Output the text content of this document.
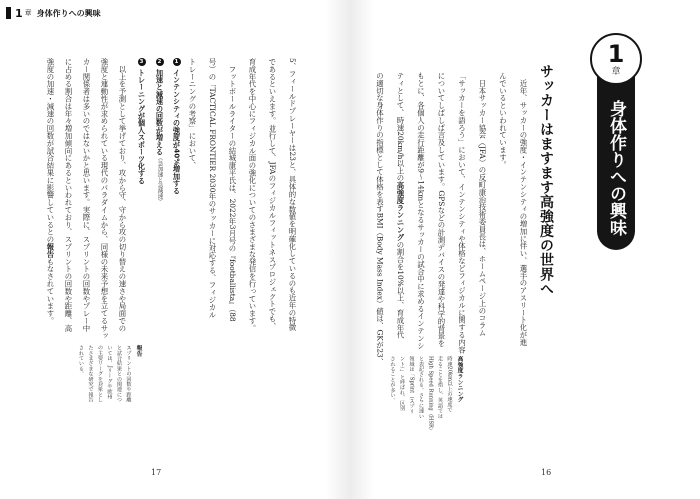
1 章 身体作りへの興味
5、フィールドプレーヤーは23と、具体的な数値を明確化しているのも近年の特徴
であるといえます。並行して、JFAのフィジカルフィットネスプロジェクトでも、
育成年代を中心にフィジカル面の強化についてのさまざまな発信を行っています。
　フットボールライターの結城康平氏は、2022年3月号の『footballista』（88
号）の「TACTICAL FRONTIER 2030年のサッカーに対応する、フィジカル
トレーニングの考察」において、
1インテンシティの強度が40%増加する
2加速と減速の回数が増える（急加速と急減速）
3トレーニングが個人スポーツ化する
　以上を予測として挙げており、攻から守、守から攻の切り替えの速さや局面での
強度と連動性が求められている現代のパラダイムから、同様の未来予想を立てるサッ
カー関係者は多いのではないかと思います。実際に、スプリントの回数やプレー中
に占める割合は年々増加傾向にあるといわれており、スプリントの回数や距離、高
強度の加速・減速の回数が試合結果に影響しているとの報告もなされています。
報告
スプリントの回数や距離
と試合結果との関連につ
いては、Jリーグや欧州
の主要リーグを対象とし
たさまざまな研究で報告
されている。
17
身体作りへの興味
1
章
サッカーはますます高強度の世界へ
　近年、サッカーの強度・インテンシティの増加に伴い、選手のアスリート化が進
んでいるといわれています。
　日本サッカー協会（JFA）の反町康治技術委員長は、ホームページ上のコラム
「サッカーを語ろう」において、インテンシティや体格などフィジカルに関する内容
についてしばしば言及しています。GPSなどの計測デバイスの発達や科学的背景を
もとに、各個人の走行距離が9〜14kmとなるサッカーの試合中に求めるインテンシ
ティとして、時速20km/h以上の高強度ランニングの割合を10%以上、育成年代
の適切な身体作りの指標として体格を表すBMI（Body Mass Index）値は、GKが23、
高強度ランニング
時速20km以上の速度で
走ることを指し、英語では
High Speed Running（HSR）
と表記される。さらに速い
領域は「Sprint（スプリ
ント）」と呼ばれ、区別
されることが多い。
16
